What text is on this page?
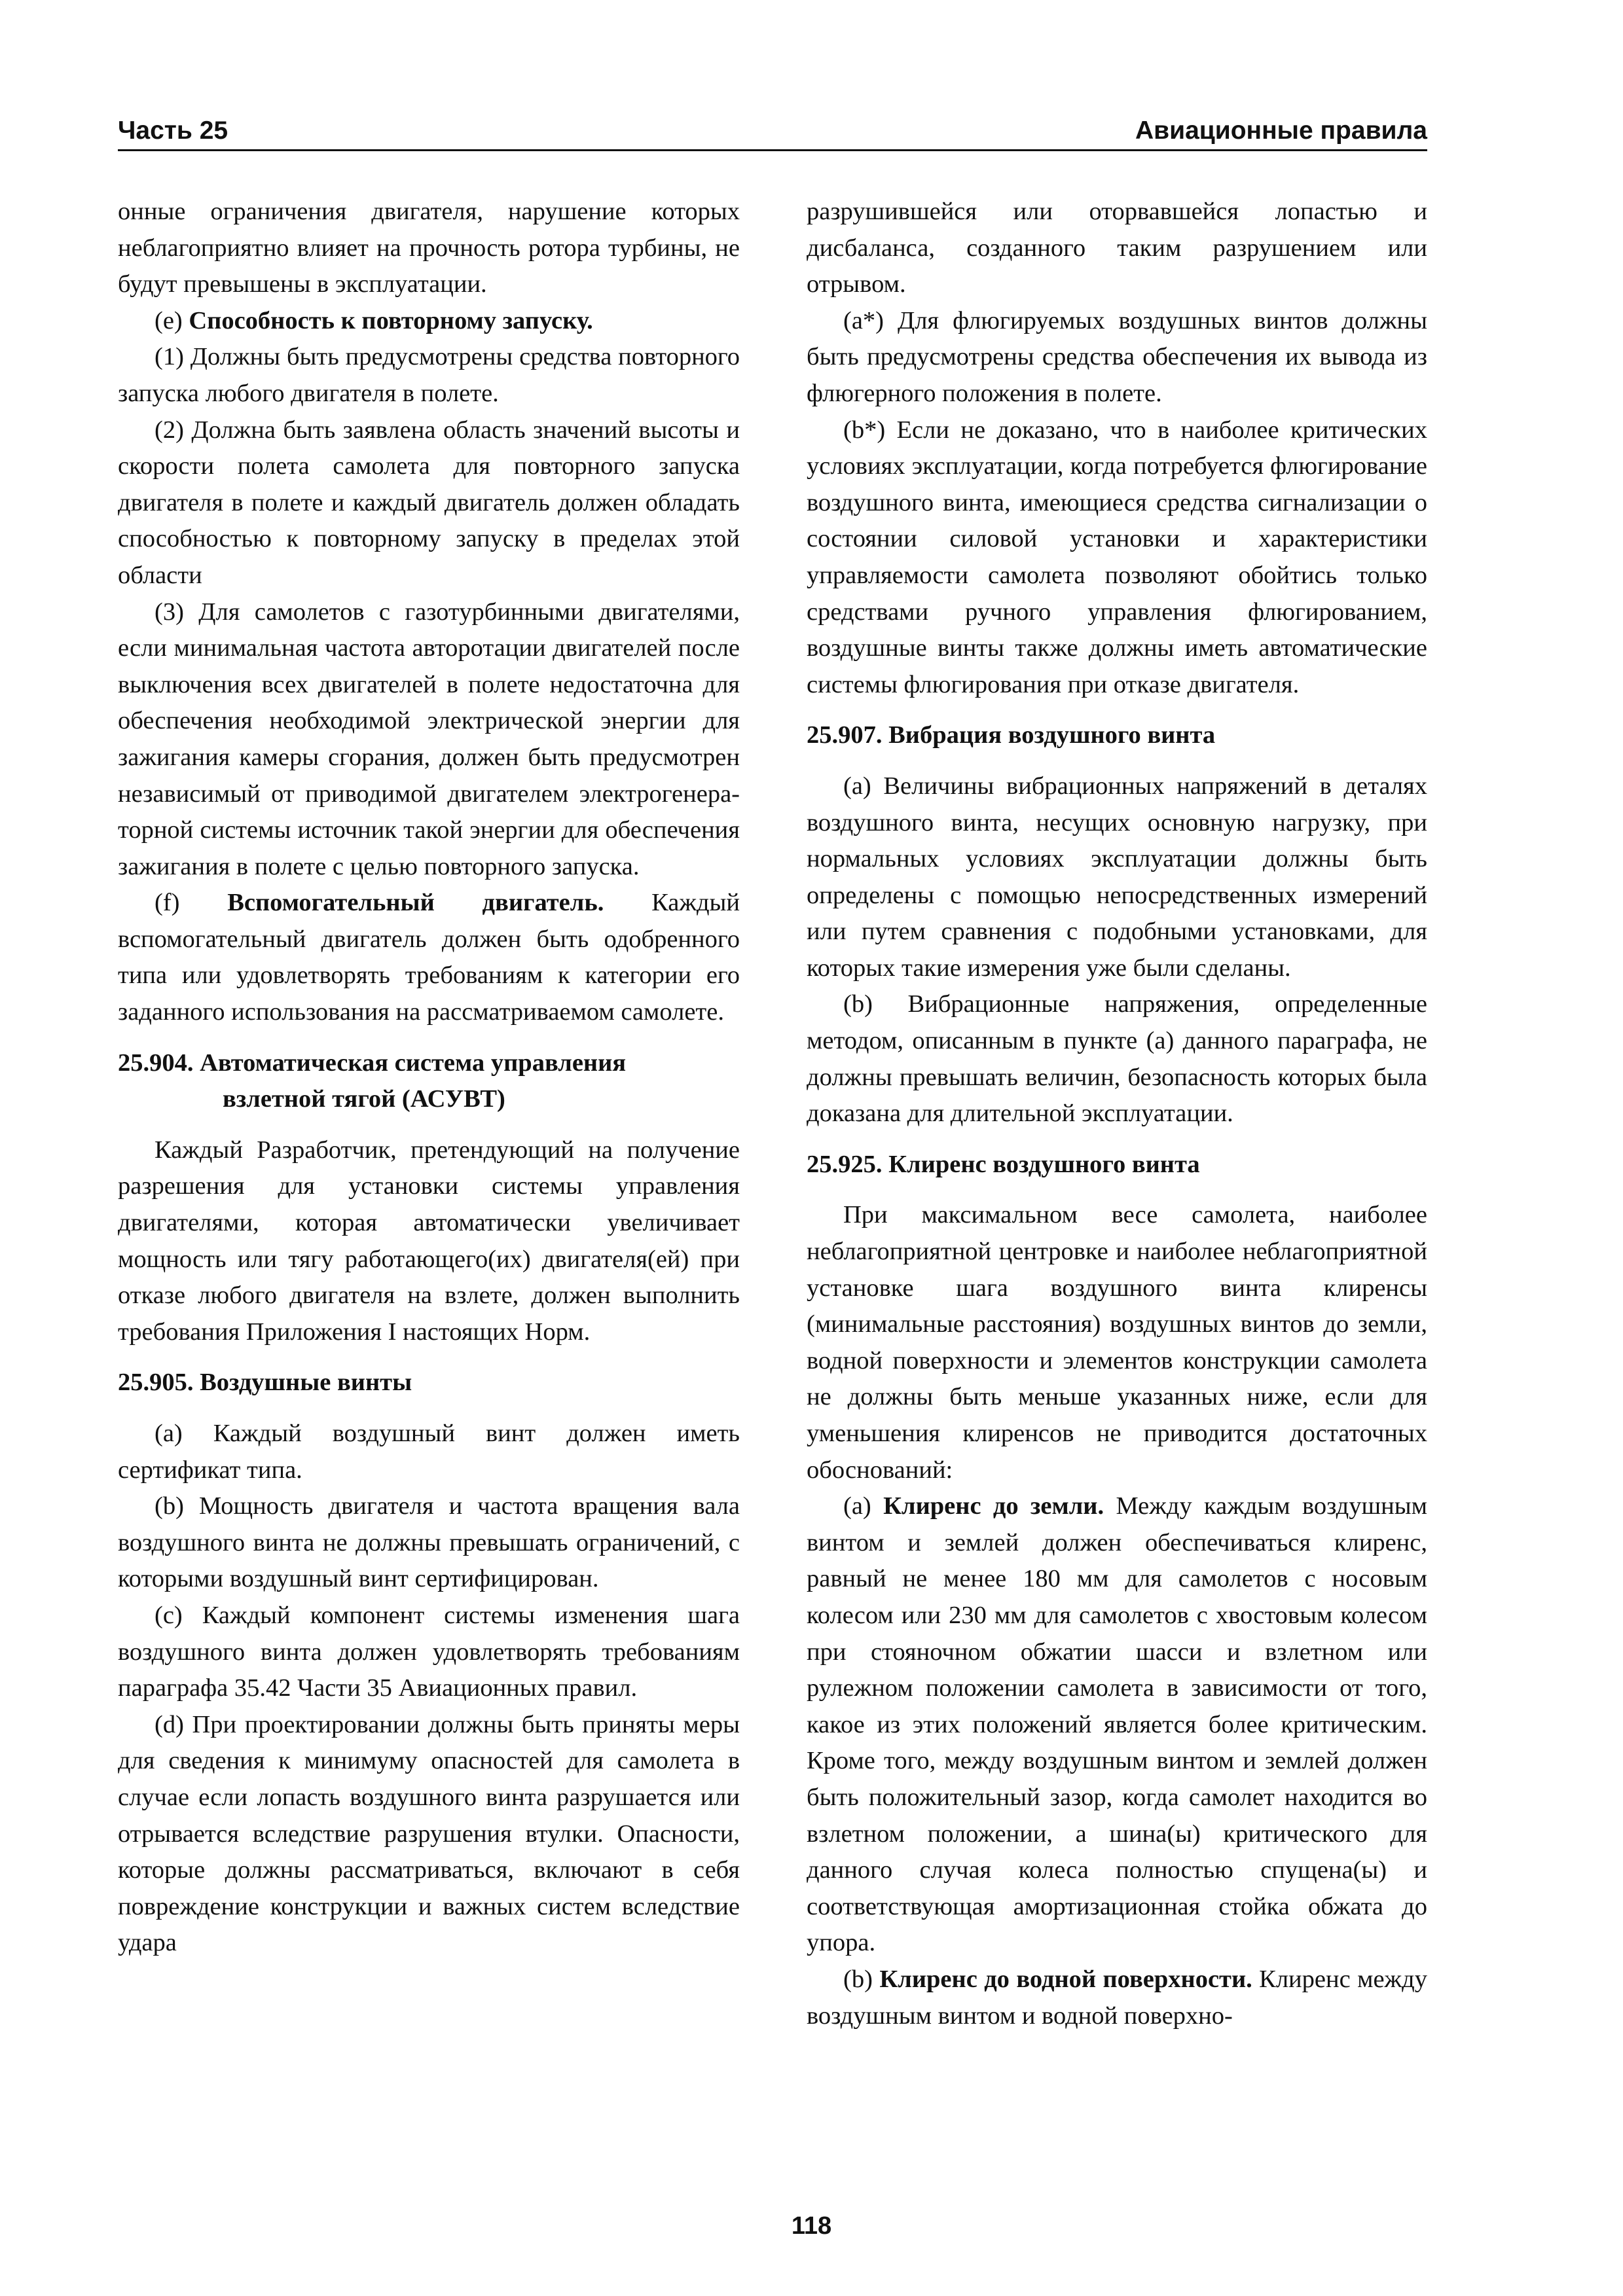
Часть 25	Авиационные правила

онные ограничения двигателя, нарушение которых неблагоприятно влияет на прочность ротора турбины, не будут превышены в эксплуатации.

(e) Способность к повторному запуску.

(1) Должны быть предусмотрены средства повторного запуска любого двигателя в полете.

(2) Должна быть заявлена область значений высоты и скорости полета самолета для повторного запуска двигателя в полете и каждый двигатель должен обладать способностью к повторному запуску в пределах этой области

(3) Для самолетов с газотурбинными двигателями, если минимальная частота авторотации двигателей после выключения всех двигателей в полете недостаточна для обеспечения необходимой электрической энергии для зажигания камеры сгорания, должен быть предусмотрен независимый от приводимой двигателем электрогенераторной системы источник такой энергии для обеспечения зажигания в полете с целью повторного запуска.

(f) Вспомогательный двигатель. Каждый вспомогательный двигатель должен быть одобренного типа или удовлетворять требованиям к категории его заданного использования на рассматриваемом самолете.

25.904. Автоматическая система управления
взлетной тягой (АСУВТ)

Каждый Разработчик, претендующий на получение разрешения для установки системы управления двигателями, которая автоматически увеличивает мощность или тягу работающего(их) двигателя(ей) при отказе любого двигателя на взлете, должен выполнить требования Приложения I настоящих Норм.

25.905. Воздушные винты

(a) Каждый воздушный винт должен иметь сертификат типа.

(b) Мощность двигателя и частота вращения вала воздушного винта не должны превышать ограничений, с которыми воздушный винт сертифицирован.

(c) Каждый компонент системы изменения шага воздушного винта должен удовлетворять требованиям параграфа 35.42 Части 35 Авиационных правил.

(d) При проектировании должны быть приняты меры для сведения к минимуму опасностей для самолета в случае если лопасть воздушного винта разрушается или отрывается вследствие разрушения втулки. Опасности, которые должны рассматриваться, включают в себя повреждение конструкции и важных систем вследствие удара

разрушившейся или оторвавшейся лопастью и дисбаланса, созданного таким разрушением или отрывом.

(a*) Для флюгируемых воздушных винтов должны быть предусмотрены средства обеспечения их вывода из флюгерного положения в полете.

(b*) Если не доказано, что в наиболее критических условиях эксплуатации, когда потребуется флюгирование воздушного винта, имеющиеся средства сигнализации о состоянии силовой установки и характеристики управляемости самолета позволяют обойтись только средствами ручного управления флюгированием, воздушные винты также должны иметь автоматические системы флюгирования при отказе двигателя.

25.907. Вибрация воздушного винта

(a) Величины вибрационных напряжений в деталях воздушного винта, несущих основную нагрузку, при нормальных условиях эксплуатации должны быть определены с помощью непосредственных измерений или путем сравнения с подобными установками, для которых такие измерения уже были сделаны.

(b) Вибрационные напряжения, определенные методом, описанным в пункте (a) данного параграфа, не должны превышать величин, безопасность которых была доказана для длительной эксплуатации.

25.925. Клиренс воздушного винта

При максимальном весе самолета, наиболее неблагоприятной центровке и наиболее неблагоприятной установке шага воздушного винта клиренсы (минимальные расстояния) воздушных винтов до земли, водной поверхности и элементов конструкции самолета не должны быть меньше указанных ниже, если для уменьшения клиренсов не приводится достаточных обоснований:

(a) Клиренс до земли. Между каждым воздушным винтом и землей должен обеспечиваться клиренс, равный не менее 180 мм для самолетов с носовым колесом или 230 мм для самолетов с хвостовым колесом при стояночном обжатии шасси и взлетном или рулежном положении самолета в зависимости от того, какое из этих положений является более критическим. Кроме того, между воздушным винтом и землей должен быть положительный зазор, когда самолет находится во взлетном положении, а шина(ы) критического для данного случая колеса полностью спущена(ы) и соответствующая амортизационная стойка обжата до упора.

(b) Клиренс до водной поверхности. Клиренс между воздушным винтом и водной поверхно-

118
